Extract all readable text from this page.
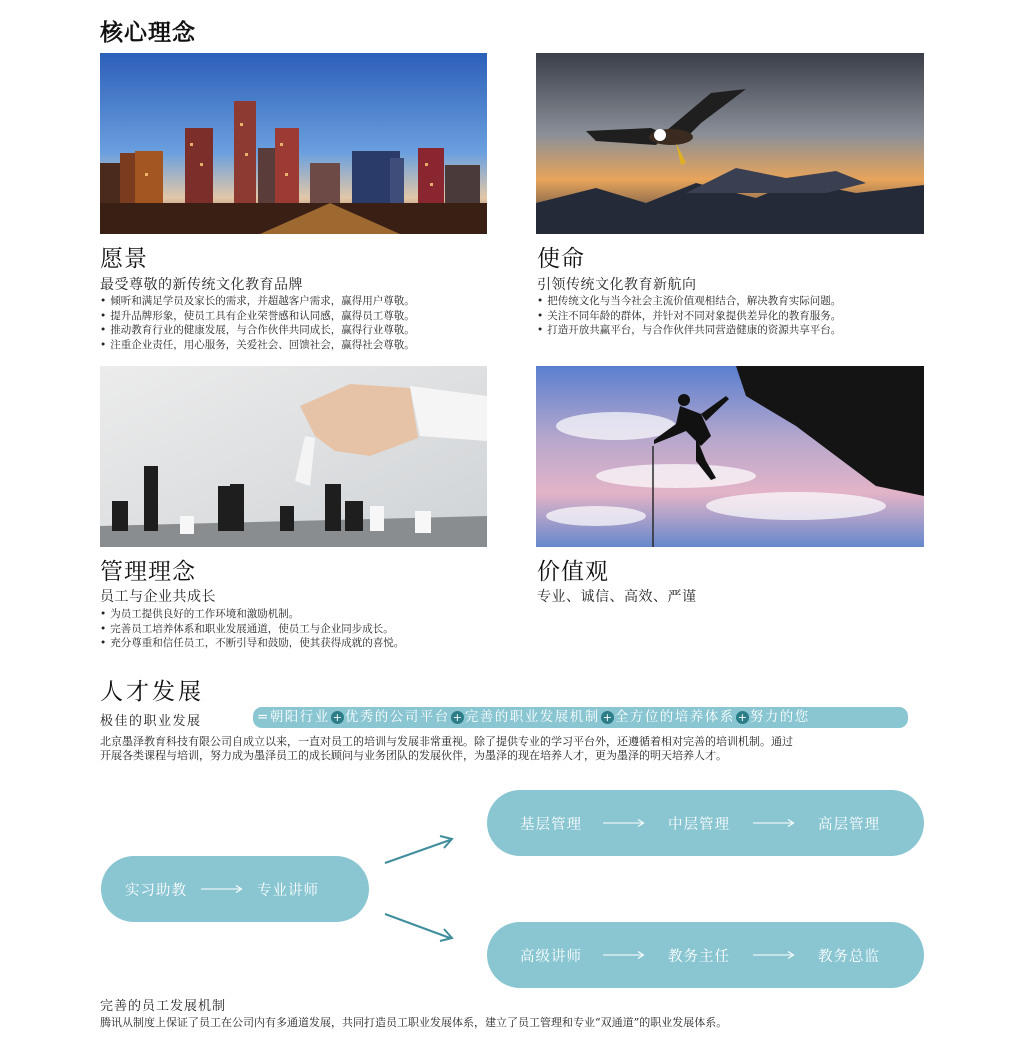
核心理念
愿景
最受尊敬的新传统文化教育品牌
• 倾听和满足学员及家长的需求，并超越客户需求，赢得用户尊敬。
• 提升品牌形象，使员工具有企业荣誉感和认同感，赢得员工尊敬。
• 推动教育行业的健康发展，与合作伙伴共同成长，赢得行业尊敬。
• 注重企业责任，用心服务，关爱社会、回馈社会，赢得社会尊敬。
使命
引领传统文化教育新航向
• 把传统文化与当今社会主流价值观相结合，解决教育实际问题。
• 关注不同年龄的群体，并针对不同对象提供差异化的教育服务。
• 打造开放共赢平台，与合作伙伴共同营造健康的资源共享平台。
管理理念
员工与企业共成长
• 为员工提供良好的工作环境和激励机制。
• 完善员工培养体系和职业发展通道，使员工与企业同步成长。
• 充分尊重和信任员工，不断引导和鼓励，使其获得成就的喜悦。
价值观
专业、诚信、高效、严谨
人才发展
极佳的职业发展	=朝阳行业 + 优秀的公司平台 + 完善的职业发展机制 + 全方位的培养体系 + 努力的您
北京墨泽教育科技有限公司自成立以来，一直对员工的培训与发展非常重视。除了提供专业的学习平台外，还遵循着相对完善的培训机制。通过
开展各类课程与培训，努力成为墨泽员工的成长顾问与业务团队的发展伙伴，为墨泽的现在培养人才，更为墨泽的明天培养人才。
实习助教	专业讲师
基层管理	中层管理	高层管理
高级讲师	教务主任	教务总监
完善的员工发展机制
腾讯从制度上保证了员工在公司内有多通道发展，共同打造员工职业发展体系，建立了员工管理和专业“双通道”的职业发展体系。
